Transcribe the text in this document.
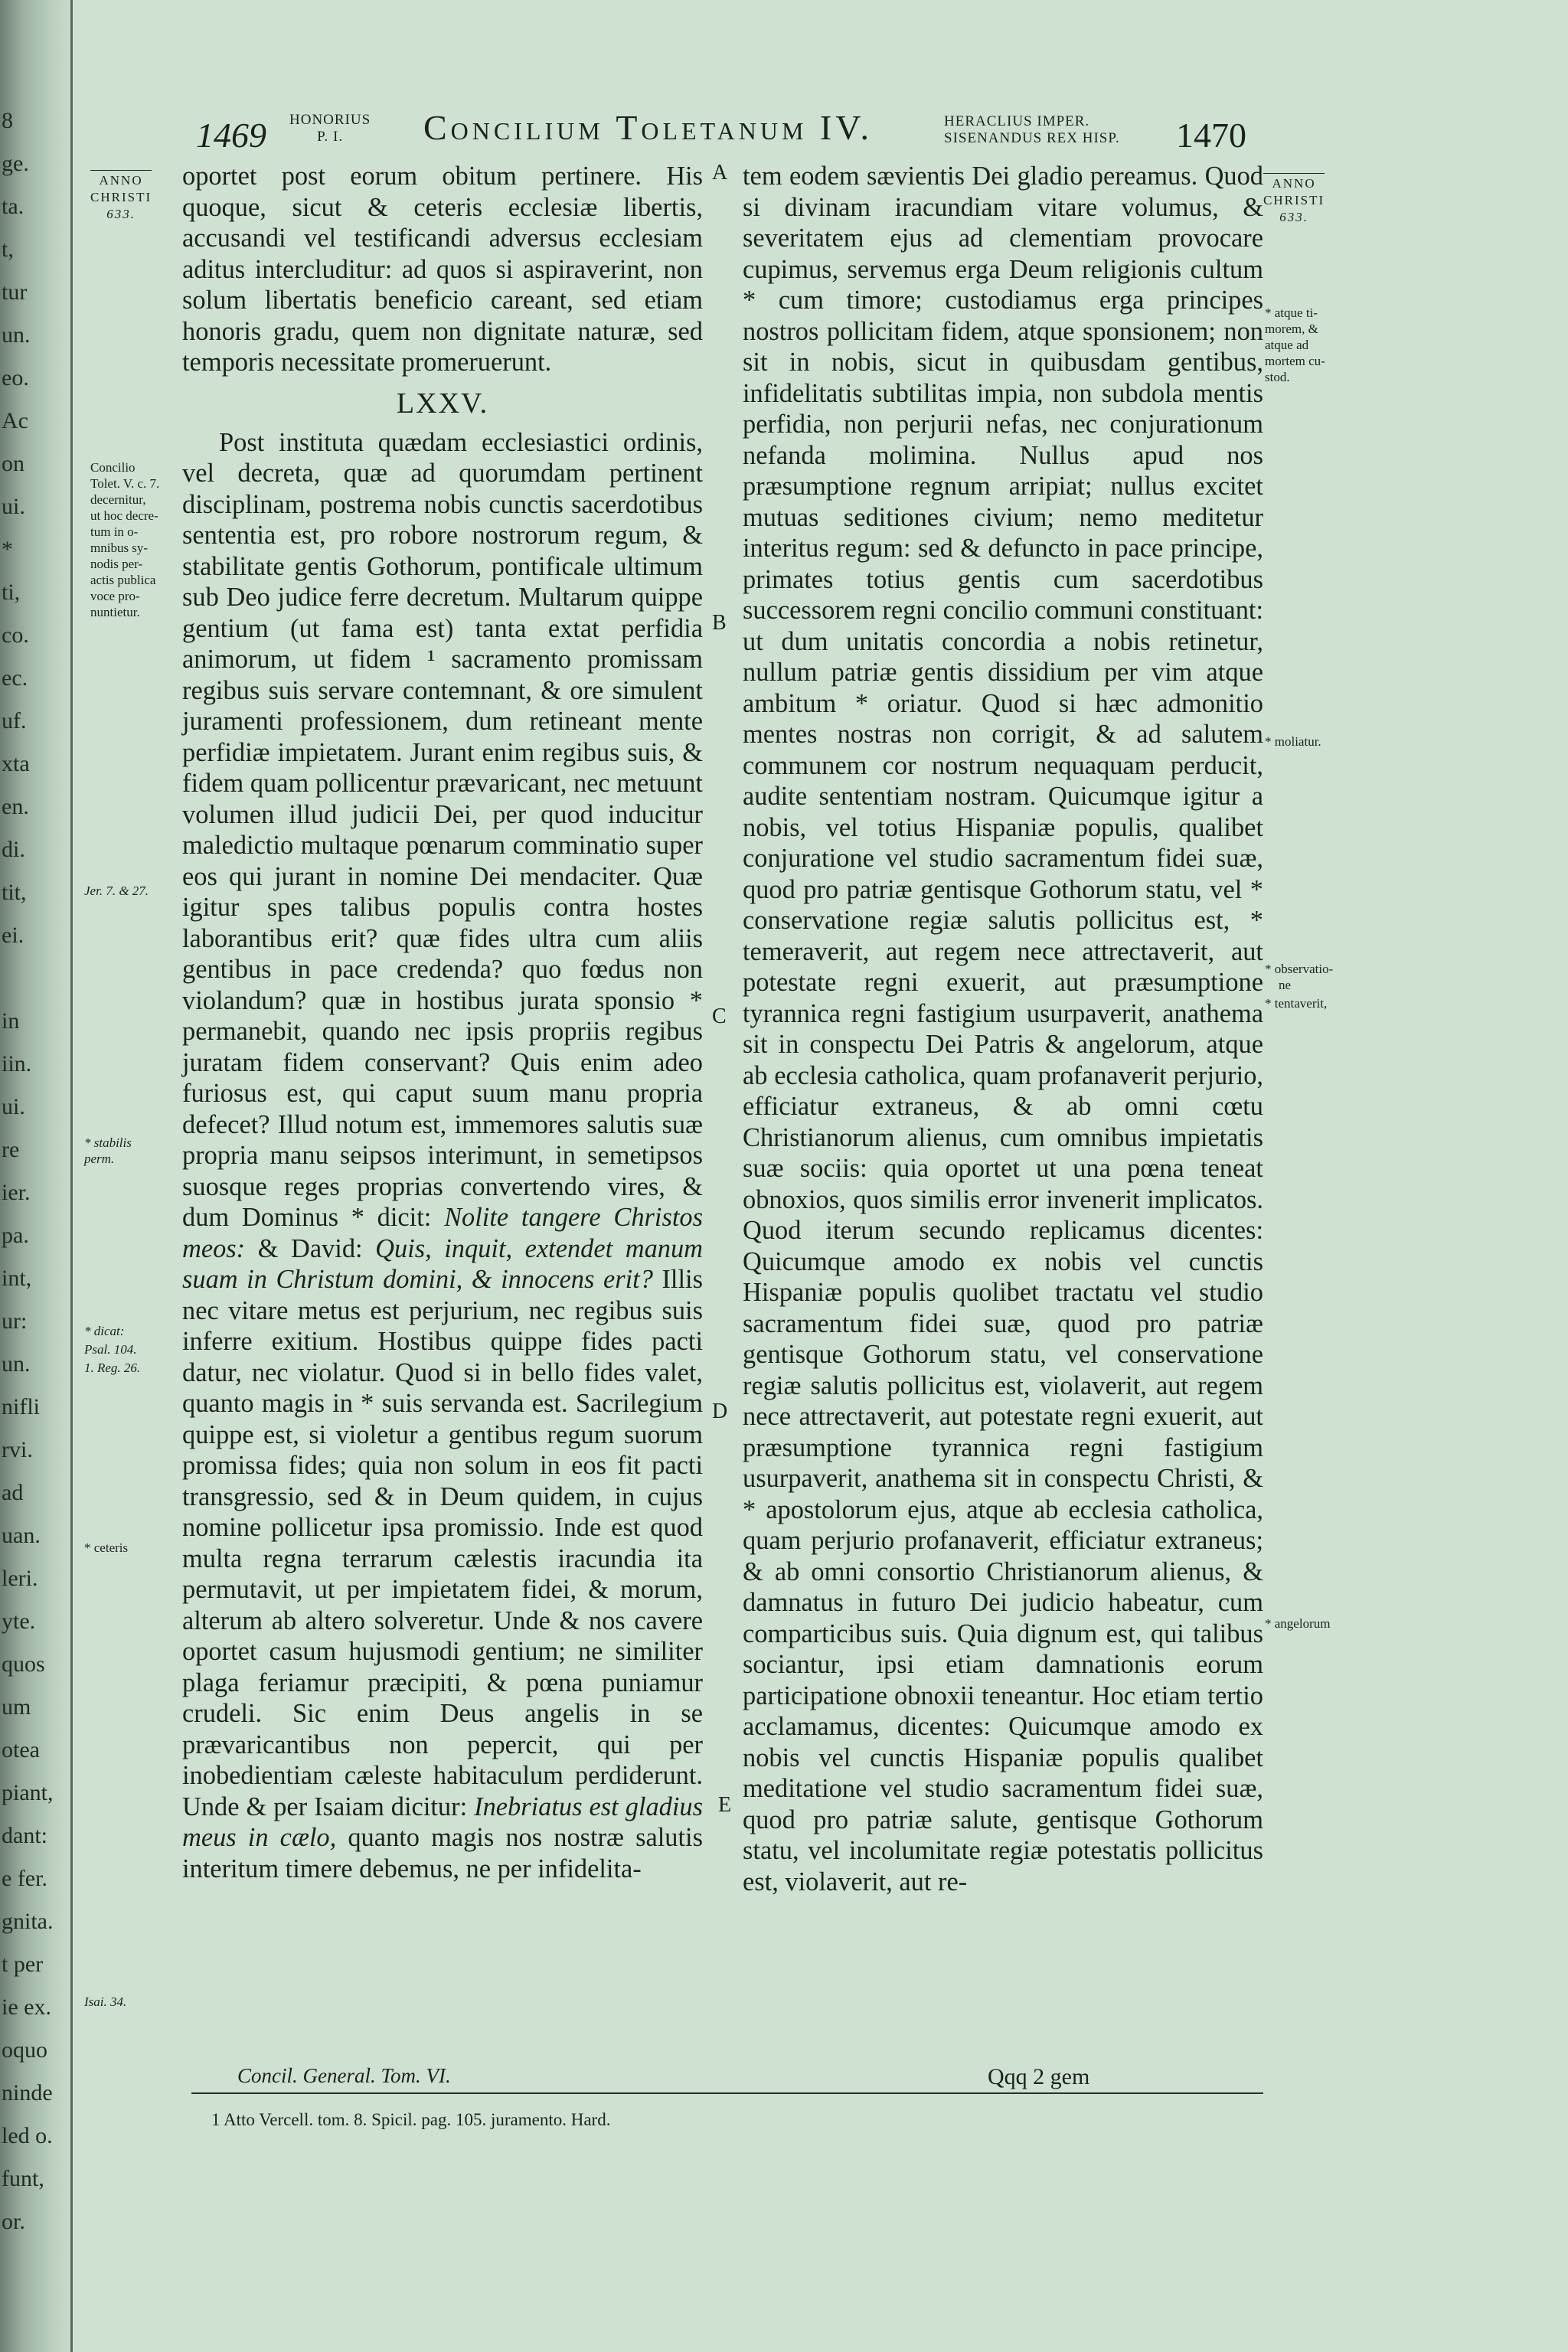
8
ge.
ta.
t,
tur
un.
eo.
Ac
on
ui.
*
ti,
co.
ec.
uf.
xta
en.
di.
tit,
ei.
in
iin.
ui.
re
ier.
pa.
int,
ur:
un.
nifli
rvi.
ad
uan.
leri.
yte.
quos
um
otea
piant,
dant:
e fer.
gnita.
t per
ie ex.
oquo
ninde
led o.
funt,
or.
1469 HONORIUS
P. I.	Concilium Toletanum IV.	HERACLIUS IMPER.
SISENANDUS REX HISP. 1470
ANNO
CHRISTI
633.
ANNO
CHRISTI
633.

oportet post eorum obitum pertinere. His quoque, sicut & ceteris ecclesiæ libertis, accusandi vel testificandi adversus ecclesiam aditus intercluditur: ad quos si aspiraverint, non solum libertatis beneficio careant, sed etiam honoris gradu, quem non dignitate naturæ, sed temporis necessitate promeruerunt.

LXXV.

Post instituta quædam ecclesiastici ordinis, vel decreta, quæ ad quorumdam pertinent disciplinam, postrema nobis cunctis sacerdotibus sententia est, pro robore nostrorum regum, & stabilitate gentis Gothorum, pontificale ultimum sub Deo judice ferre decretum. Multarum quippe gentium (ut fama est) tanta extat perfidia animorum, ut fidem ¹ sacramento promissam regibus suis servare contemnant, & ore simulent juramenti professionem, dum retineant mente perfidiæ impietatem. Jurant enim regibus suis, & fidem quam pollicentur prævaricant, nec metuunt volumen illud judicii Dei, per quod inducitur maledictio multaque pœnarum comminatio super eos qui jurant in nomine Dei mendaciter. Quæ igitur spes talibus populis contra hostes laborantibus erit? quæ fides ultra cum aliis gentibus in pace credenda? quo fœdus non violandum? quæ in hostibus jurata sponsio * permanebit, quando nec ipsis propriis regibus juratam fidem conservant? Quis enim adeo furiosus est, qui caput suum manu propria defecet? Illud notum est, immemores salutis suæ propria manu seipsos interimunt, in semetipsos suosque reges proprias convertendo vires, & dum Dominus * dicit: Nolite tangere Christos meos: & David: Quis, inquit, extendet manum suam in Christum domini, & innocens erit? Illis nec vitare metus est perjurium, nec regibus suis inferre exitium. Hostibus quippe fides pacti datur, nec violatur. Quod si in bello fides valet, quanto magis in * suis servanda est. Sacrilegium quippe est, si violetur a gentibus regum suorum promissa fides; quia non solum in eos fit pacti transgressio, sed & in Deum quidem, in cujus nomine pollicetur ipsa promissio. Inde est quod multa regna terrarum cælestis iracundia ita permutavit, ut per impietatem fidei, & morum, alterum ab altero solveretur. Unde & nos cavere oportet casum hujusmodi gentium; ne similiter plaga feriamur præcipiti, & pœna puniamur crudeli. Sic enim Deus angelis in se prævaricantibus non pepercit, qui per inobedientiam cæleste habitaculum perdiderunt. Unde & per Isaiam dicitur: Inebriatus est gladius meus in cælo, quanto magis nos nostræ salutis interitum timere debemus, ne per infidelita-

tem eodem sævientis Dei gladio pereamus. Quod si divinam iracundiam vitare volumus, & severitatem ejus ad clementiam provocare cupimus, servemus erga Deum religionis cultum * cum timore; custodiamus erga principes nostros pollicitam fidem, atque sponsionem; non sit in nobis, sicut in quibusdam gentibus, infidelitatis subtilitas impia, non subdola mentis perfidia, non perjurii nefas, nec conjurationum nefanda molimina. Nullus apud nos præsumptione regnum arripiat; nullus excitet mutuas seditiones civium; nemo meditetur interitus regum: sed & defuncto in pace principe, primates totius gentis cum sacerdotibus successorem regni concilio communi constituant: ut dum unitatis concordia a nobis retinetur, nullum patriæ gentis dissidium per vim atque ambitum * oriatur. Quod si hæc admonitio mentes nostras non corrigit, & ad salutem communem cor nostrum nequaquam perducit, audite sententiam nostram. Quicumque igitur a nobis, vel totius Hispaniæ populis, qualibet conjuratione vel studio sacramentum fidei suæ, quod pro patriæ gentisque Gothorum statu, vel * conservatione regiæ salutis pollicitus est, * temeraverit, aut regem nece attrectaverit, aut potestate regni exuerit, aut præsumptione tyrannica regni fastigium usurpaverit, anathema sit in conspectu Dei Patris & angelorum, atque ab ecclesia catholica, quam profanaverit perjurio, efficiatur extraneus, & ab omni cœtu Christianorum alienus, cum omnibus impietatis suæ sociis: quia oportet ut una pœna teneat obnoxios, quos similis error invenerit implicatos. Quod iterum secundo replicamus dicentes: Quicumque amodo ex nobis vel cunctis Hispaniæ populis quolibet tractatu vel studio sacramentum fidei suæ, quod pro patriæ gentisque Gothorum statu, vel conservatione regiæ salutis pollicitus est, violaverit, aut regem nece attrectaverit, aut potestate regni exuerit, aut præsumptione tyrannica regni fastigium usurpaverit, anathema sit in conspectu Christi, & * apostolorum ejus, atque ab ecclesia catholica, quam perjurio profanaverit, efficiatur extraneus; & ab omni consortio Christianorum alienus, & damnatus in futuro Dei judicio habeatur, cum comparticibus suis. Quia dignum est, qui talibus sociantur, ipsi etiam damnationis eorum participatione obnoxii teneantur. Hoc etiam tertio acclamamus, dicentes: Quicumque amodo ex nobis vel cunctis Hispaniæ populis qualibet meditatione vel studio sacramentum fidei suæ, quod pro patriæ salute, gentisque Gothorum statu, vel incolumitate regiæ potestatis pollicitus est, violaverit, aut re-

A
B
C
D
E
Concilio
Tolet. V. c. 7.
decernitur,
ut hoc decre-
tum in o-
mnibus sy-
nodis per-
actis publica
voce pro-
nuntietur.
Jer. 7. & 27.
* stabilis
perm.
* dicat:
Psal. 104.
1. Reg. 26.
* ceteris
Isai. 34.
* atque ti-
morem, &
atque ad
mortem cu-
stod.
* moliatur.
* observatio-
ne
* tentaverit,
* angelorum
Concil. General. Tom. VI.	Qqq 2 gem
1 Atto Vercell. tom. 8. Spicil. pag. 105. juramento. Hard.
